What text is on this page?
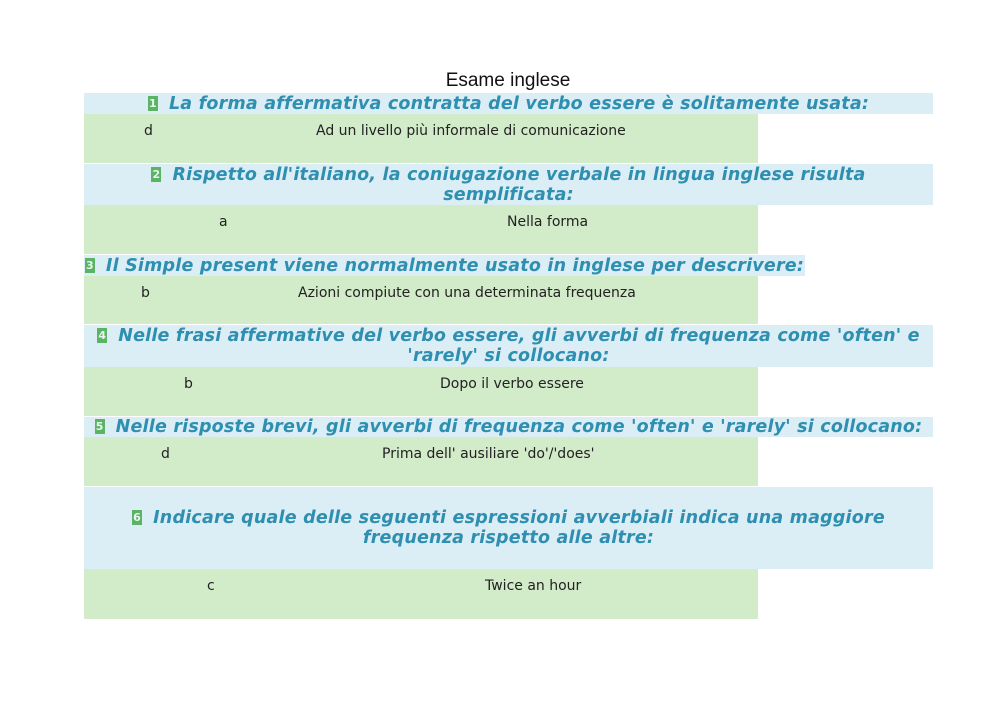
Esame inglese
1 La forma affermativa contratta del verbo essere è solitamente usata:
d	Ad un livello più informale di comunicazione
2 Rispetto all'italiano, la coniugazione verbale in lingua inglese risulta semplificata:
a	Nella forma
3 Il Simple present viene normalmente usato in inglese per descrivere:
b	Azioni compiute con una determinata frequenza
4 Nelle frasi affermative del verbo essere, gli avverbi di frequenza come 'often' e 'rarely' si collocano:
b	Dopo il verbo essere
5 Nelle risposte brevi, gli avverbi di frequenza come 'often' e 'rarely' si collocano:
d	Prima dell' ausiliare 'do'/'does'
6 Indicare quale delle seguenti espressioni avverbiali indica una maggiore frequenza rispetto alle altre:
c	Twice an hour
